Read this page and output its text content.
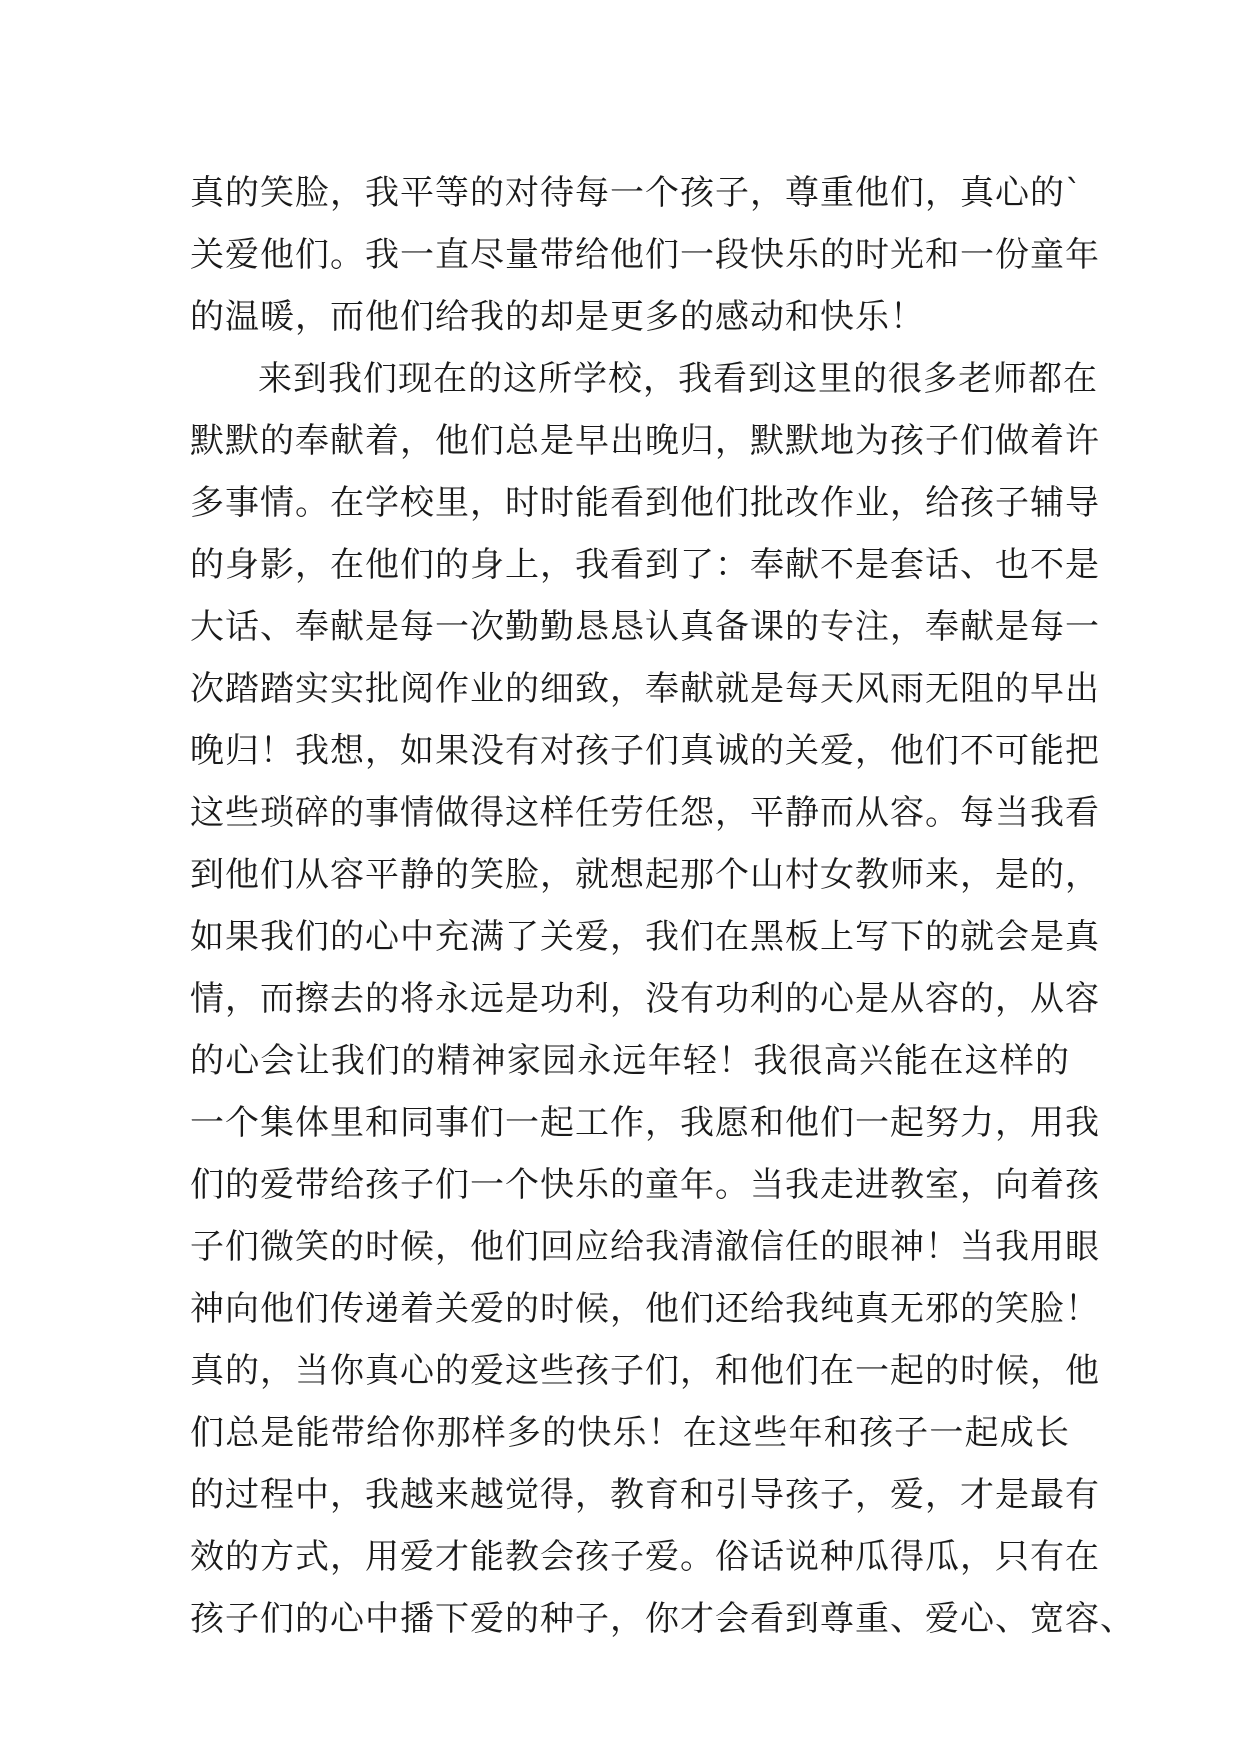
真的笑脸，我平等的对待每一个孩子，尊重他们，真心的`
关爱他们。我一直尽量带给他们一段快乐的时光和一份童年
的温暖，而他们给我的却是更多的感动和快乐！
来到我们现在的这所学校，我看到这里的很多老师都在
默默的奉献着，他们总是早出晚归，默默地为孩子们做着许
多事情。在学校里，时时能看到他们批改作业，给孩子辅导
的身影，在他们的身上，我看到了：奉献不是套话、也不是
大话、奉献是每一次勤勤恳恳认真备课的专注，奉献是每一
次踏踏实实批阅作业的细致，奉献就是每天风雨无阻的早出
晚归！我想，如果没有对孩子们真诚的关爱，他们不可能把
这些琐碎的事情做得这样任劳任怨，平静而从容。每当我看
到他们从容平静的笑脸，就想起那个山村女教师来，是的，
如果我们的心中充满了关爱，我们在黑板上写下的就会是真
情，而擦去的将永远是功利，没有功利的心是从容的，从容
的心会让我们的精神家园永远年轻！我很高兴能在这样的
一个集体里和同事们一起工作，我愿和他们一起努力，用我
们的爱带给孩子们一个快乐的童年。当我走进教室，向着孩
子们微笑的时候，他们回应给我清澈信任的眼神！当我用眼
神向他们传递着关爱的时候，他们还给我纯真无邪的笑脸！
真的，当你真心的爱这些孩子们，和他们在一起的时候，他
们总是能带给你那样多的快乐！在这些年和孩子一起成长
的过程中，我越来越觉得，教育和引导孩子，爱，才是最有
效的方式，用爱才能教会孩子爱。俗话说种瓜得瓜，只有在
孩子们的心中播下爱的种子，你才会看到尊重、爱心、宽容、
